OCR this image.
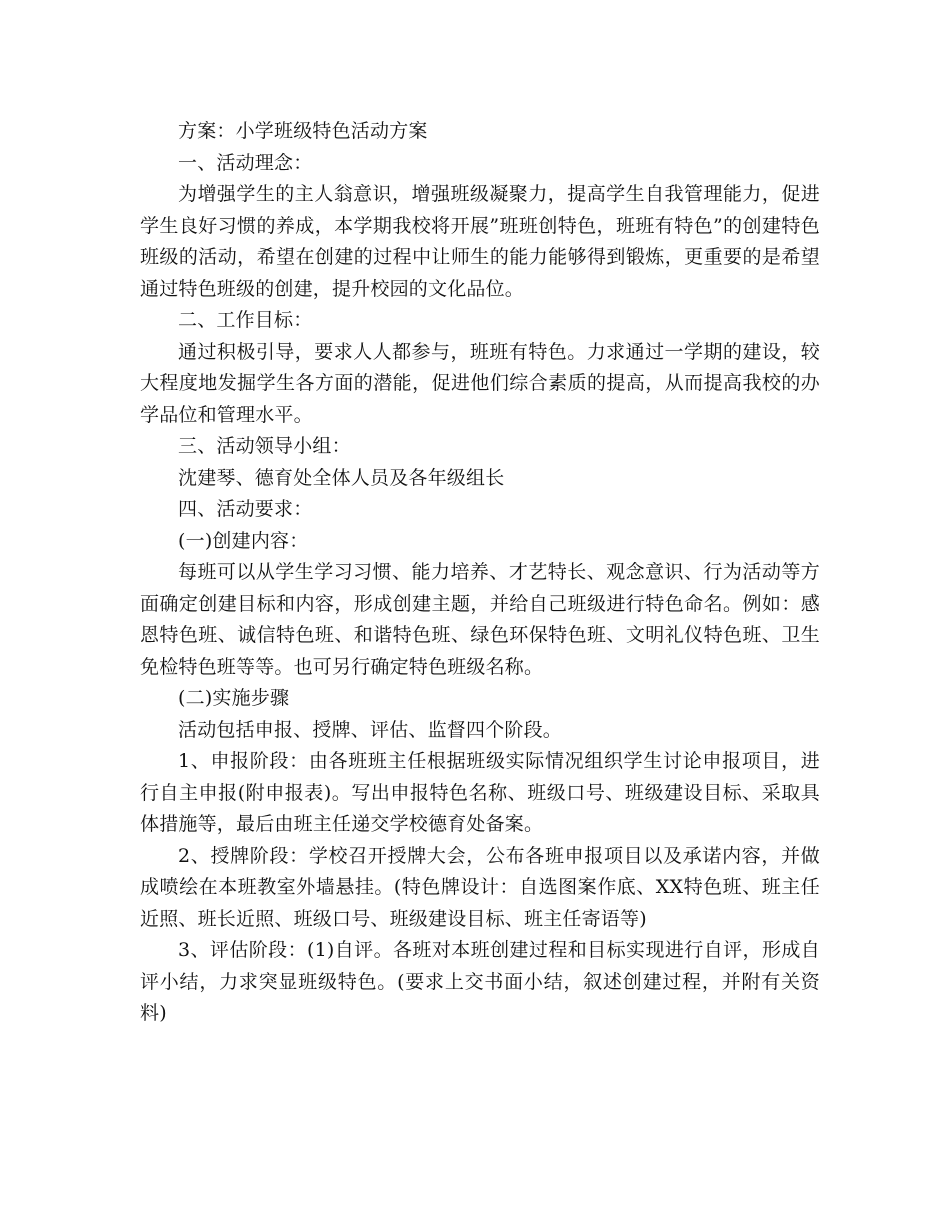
方案：小学班级特色活动方案

一、活动理念：

为增强学生的主人翁意识，增强班级凝聚力，提高学生自我管理能力，促进学生良好习惯的养成，本学期我校将开展”班班创特色，班班有特色”的创建特色班级的活动，希望在创建的过程中让师生的能力能够得到锻炼，更重要的是希望通过特色班级的创建，提升校园的文化品位。

二、工作目标：

通过积极引导，要求人人都参与，班班有特色。力求通过一学期的建设，较大程度地发掘学生各方面的潜能，促进他们综合素质的提高，从而提高我校的办学品位和管理水平。

三、活动领导小组：

沈建琴、德育处全体人员及各年级组长

四、活动要求：

(一)创建内容：

每班可以从学生学习习惯、能力培养、才艺特长、观念意识、行为活动等方面确定创建目标和内容，形成创建主题，并给自己班级进行特色命名。例如：感恩特色班、诚信特色班、和谐特色班、绿色环保特色班、文明礼仪特色班、卫生免检特色班等等。也可另行确定特色班级名称。

(二)实施步骤

活动包括申报、授牌、评估、监督四个阶段。

1、申报阶段：由各班班主任根据班级实际情况组织学生讨论申报项目，进行自主申报(附申报表)。写出申报特色名称、班级口号、班级建设目标、采取具体措施等，最后由班主任递交学校德育处备案。

2、授牌阶段：学校召开授牌大会，公布各班申报项目以及承诺内容，并做成喷绘在本班教室外墙悬挂。(特色牌设计：自选图案作底、XX特色班、班主任近照、班长近照、班级口号、班级建设目标、班主任寄语等)

3、评估阶段：(1)自评。各班对本班创建过程和目标实现进行自评，形成自评小结，力求突显班级特色。(要求上交书面小结，叙述创建过程，并附有关资料)
